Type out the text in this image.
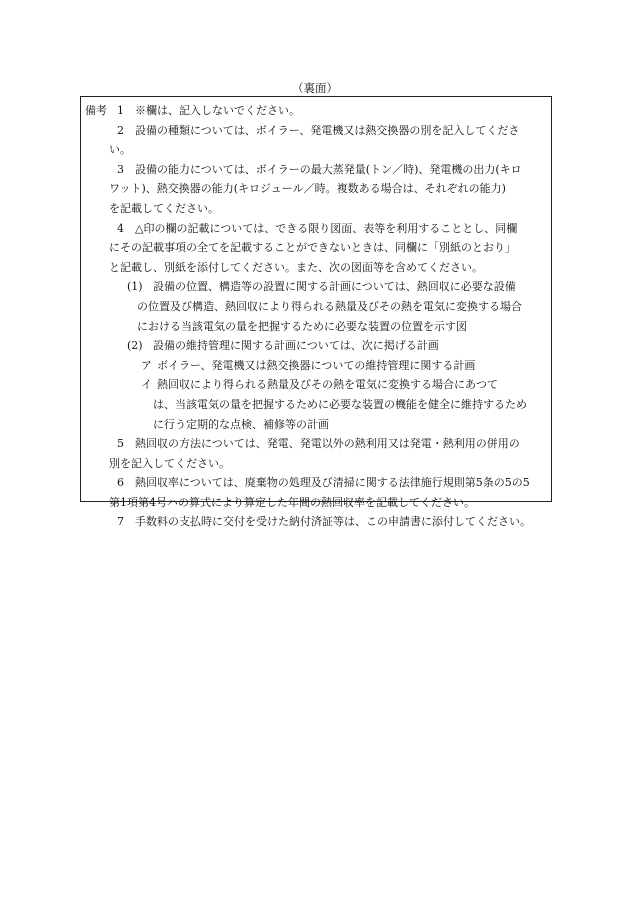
（裏面）
備考 1 ※欄は、記入しないでください。
2 設備の種類については、ボイラー、発電機又は熱交換器の別を記入してくださ
い。
3 設備の能力については、ボイラーの最大蒸発量(トン／時)、発電機の出力(キロ
ワット)、熱交換器の能力(キロジュール／時。複数ある場合は、それぞれの能力)
を記載してください。
4 △印の欄の記載については、できる限り図面、表等を利用することとし、同欄
にその記載事項の全てを記載することができないときは、同欄に「別紙のとおり」
と記載し、別紙を添付してください。また、次の図面等を含めてください。
(1) 設備の位置、構造等の設置に関する計画については、熱回収に必要な設備
の位置及び構造、熱回収により得られる熱量及びその熱を電気に変換する場合
における当該電気の量を把握するために必要な装置の位置を示す図
(2) 設備の維持管理に関する計画については、次に掲げる計画
ア ボイラー、発電機又は熱交換器についての維持管理に関する計画
イ 熱回収により得られる熱量及びその熱を電気に変換する場合にあつて
は、当該電気の量を把握するために必要な装置の機能を健全に維持するため
に行う定期的な点検、補修等の計画
5 熱回収の方法については、発電、発電以外の熱利用又は発電・熱利用の併用の
別を記入してください。
6 熱回収率については、廃棄物の処理及び清掃に関する法律施行規則第5条の5の5
第1項第4号ハの算式により算定した年間の熱回収率を記載してください。
7 手数料の支払時に交付を受けた納付済証等は、この申請書に添付してください。
